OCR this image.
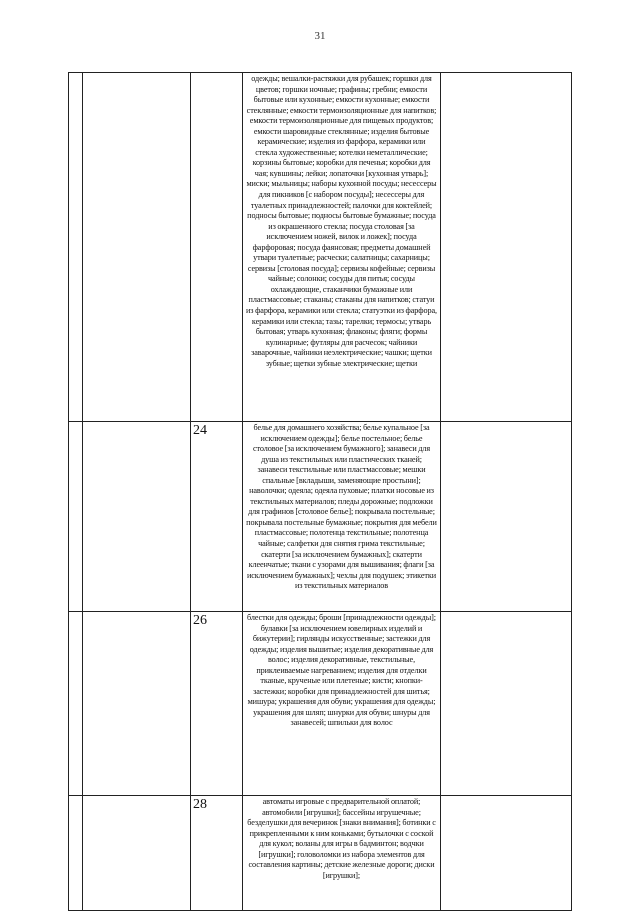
31
			одежды; вешалки-растяжки для рубашек; горшки для цветов; горшки ночные; графины; гребни; емкости бытовые или кухонные; емкости кухонные; емкости стеклянные; емкости термоизоляционные для напитков; емкости термоизоляционные для пищевых продуктов; емкости шаровидные стеклянные; изделия бытовые керамические; изделия из фарфора, керамики или стекла художественные; котелки неметаллические; корзины бытовые; коробки для печенья; коробки для чая; кувшины; лейки; лопаточки [кухонная утварь]; миски; мыльницы; наборы кухонной посуды; несессеры для пикников [с набором посуды]; несессеры для туалетных принадлежностей; палочки для коктейлей; подносы бытовые; подносы бытовые бумажные; посуда из окрашенного стекла; посуда столовая [за исключением ножей, вилок и ложек]; посуда фарфоровая; посуда фаянсовая; предметы домашней утвари туалетные; расчески; салатницы; сахарницы; сервизы [столовая посуда]; сервизы кофейные; сервизы чайные; солонки; сосуды для питья; сосуды охлаждающие, стаканчики бумажные или пластмассовые; стаканы; стаканы для напитков; статуи из фарфора, керамики или стекла; статуэтки из фарфора, керамики или стекла; тазы; тарелки; термосы; утварь бытовая; утварь кухонная; флаконы; фляги; формы кулинарные; футляры для расчесок; чайники заварочные, чайники неэлектрические; чашки; щетки зубные; щетки зубные электрические; щетки	
		24	белье для домашнего хозяйства; белье купальное [за исключением одежды]; белье постельное; белье столовое [за исключением бумажного]; занавеси для душа из текстильных или пластических тканей; занавеси текстильные или пластмассовые; мешки спальные [вкладыши, заменяющие простыни]; наволочки; одеяла; одеяла пуховые; платки носовые из текстильных материалов; пледы дорожные; подложки для графинов [столовое белье]; покрывала постельные; покрывала постельные бумажные; покрытия для мебели пластмассовые; полотенца текстильные; полотенца чайные; салфетки для снятия грима текстильные; скатерти [за исключением бумажных]; скатерти клеенчатые; ткани с узорами для вышивания; флаги [за исключением бумажных]; чехлы для подушек; этикетки из текстильных материалов	
		26	блестки для одежды; броши [принадлежности одежды]; булавки [за исключением ювелирных изделий и бижутерии]; гирлянды искусственные; застежки для одежды; изделия вышитые; изделия декоративные для волос; изделия декоративные, текстильные, приклеиваемые нагреванием; изделия для отделки тканые, крученые или плетеные; кисти; кнопки-застежки; коробки для принадлежностей для шитья; мишура; украшения для обуви; украшения для одежды; украшения для шляп; шнурки для обуви; шнуры для занавесей; шпильки для волос	
		28	автоматы игровые с предварительной оплатой; автомобили [игрушки]; бассейны игрушечные; безделушки для вечеринок [знаки внимания]; ботинки с прикрепленными к ним коньками; бутылочки с соской для кукол; воланы для игры в бадминтон; водчки [игрушки]; головоломки из набора элементов для составления картины; детские железные дороги; диски [игрушки];	
